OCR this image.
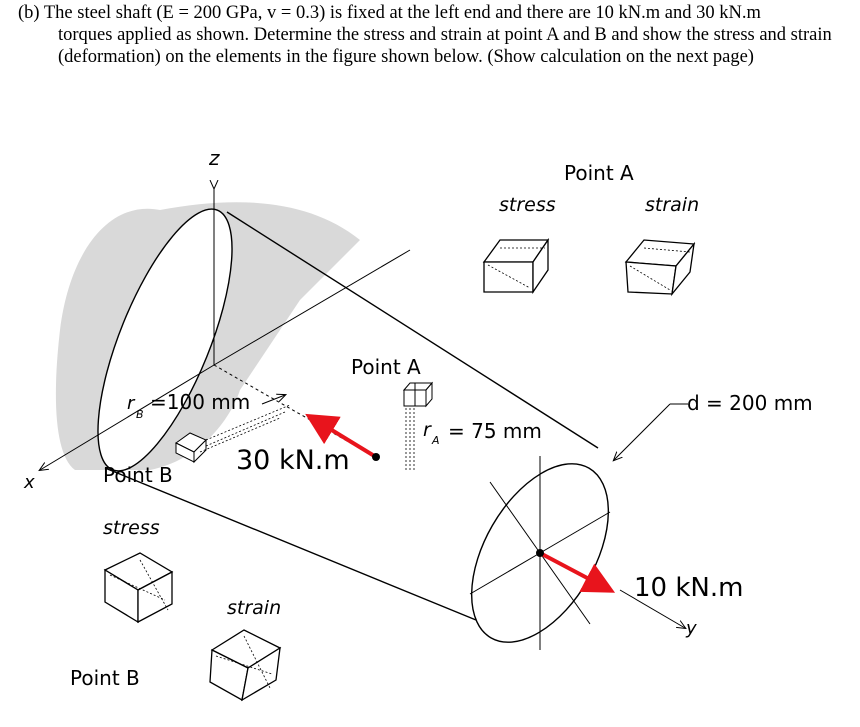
(b) The steel shaft (E = 200 GPa, v = 0.3) is fixed at the left end and there are 10 kN.m and 30 kN.m
torques applied as shown. Determine the stress and strain at point A and B and show the stress and strain (deformation) on the elements in the figure shown below. (Show calculation on the next page)
z
x
y
Point A
stress	strain
Point A
r A = 75 mm
r
B
=100 mm
30 kN.m
10 kN.m
d = 200 mm
Point B
stress
strain
Point B
